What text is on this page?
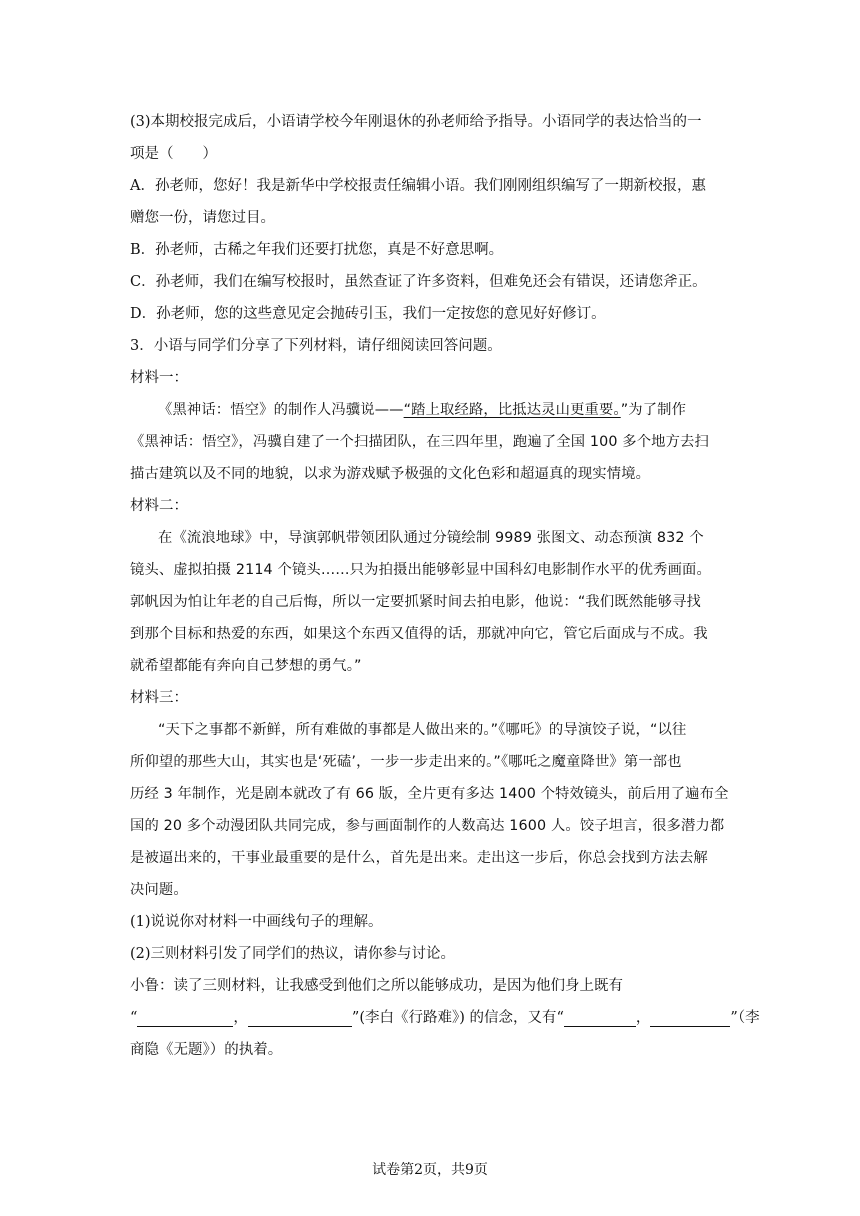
(3)本期校报完成后，小语请学校今年刚退休的孙老师给予指导。小语同学的表达恰当的一
项是（　　）
A．孙老师，您好！我是新华中学校报责任编辑小语。我们刚刚组织编写了一期新校报，惠
赠您一份，请您过目。
B．孙老师，古稀之年我们还要打扰您，真是不好意思啊。
C．孙老师，我们在编写校报时，虽然查证了许多资料，但难免还会有错误，还请您斧正。
D．孙老师，您的这些意见定会抛砖引玉，我们一定按您的意见好好修订。
3．小语与同学们分享了下列材料，请仔细阅读回答问题。
材料一：
《黑神话：悟空》的制作人冯骥说——“踏上取经路，比抵达灵山更重要。”为了制作
《黑神话：悟空》，冯骥自建了一个扫描团队，在三四年里，跑遍了全国 100 多个地方去扫
描古建筑以及不同的地貌，以求为游戏赋予极强的文化色彩和超逼真的现实情境。
材料二：
在《流浪地球》中，导演郭帆带领团队通过分镜绘制 9989 张图文、动态预演 832 个
镜头、虚拟拍摄 2114 个镜头……只为拍摄出能够彰显中国科幻电影制作水平的优秀画面。
郭帆因为怕让年老的自己后悔，所以一定要抓紧时间去拍电影，他说：“我们既然能够寻找
到那个目标和热爱的东西，如果这个东西又值得的话，那就冲向它，管它后面成与不成。我
就希望都能有奔向自己梦想的勇气。”
材料三：
“天下之事都不新鲜，所有难做的事都是人做出来的。”《哪吒》的导演饺子说，“以往
所仰望的那些大山，其实也是‘死磕’，一步一步走出来的。”《哪吒之魔童降世》第一部也
历经 3 年制作，光是剧本就改了有 66 版，全片更有多达 1400 个特效镜头，前后用了遍布全
国的 20 多个动漫团队共同完成，参与画面制作的人数高达 1600 人。饺子坦言，很多潜力都
是被逼出来的，干事业最重要的是什么，首先是出来。走出这一步后，你总会找到方法去解
决问题。
(1)说说你对材料一中画线句子的理解。
(2)三则材料引发了同学们的热议，请你参与讨论。
小鲁：读了三则材料，让我感受到他们之所以能够成功，是因为他们身上既有
“	，	”(李白《行路难》) 的信念，又有“	，	”（李
商隐《无题》）的执着。
试卷第2页，共9页
